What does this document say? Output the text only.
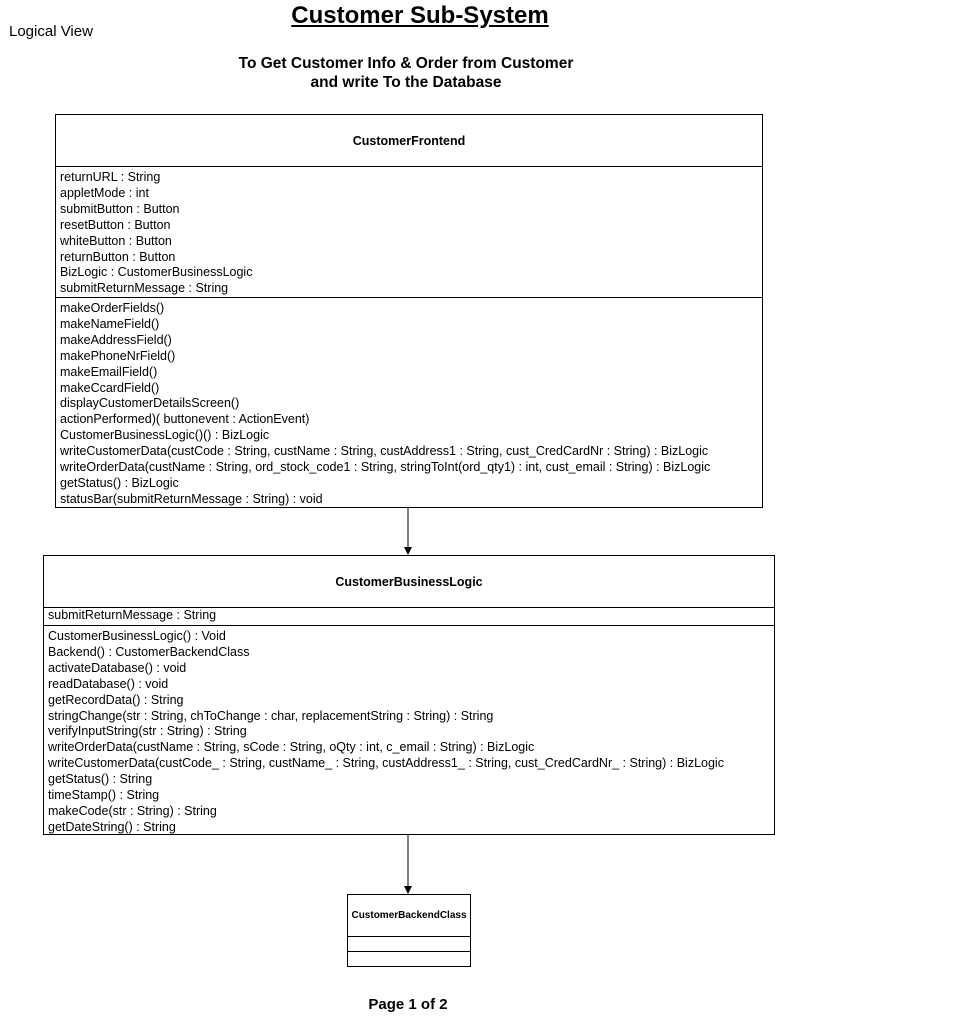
Logical View
Customer Sub-System
To Get Customer Info & Order from Customer
and write To the Database
CustomerFrontend
returnURL : String
appletMode : int
submitButton : Button
resetButton : Button
whiteButton : Button
returnButton : Button
BizLogic : CustomerBusinessLogic
submitReturnMessage : String
makeOrderFields()
makeNameField()
makeAddressField()
makePhoneNrField()
makeEmailField()
makeCcardField()
displayCustomerDetailsScreen()
actionPerformed)( buttonevent : ActionEvent)
CustomerBusinessLogic()() : BizLogic
writeCustomerData(custCode : String, custName : String, custAddress1 : String, cust_CredCardNr : String) : BizLogic
writeOrderData(custName : String, ord_stock_code1 : String, stringToInt(ord_qty1) : int, cust_email : String) : BizLogic
getStatus() : BizLogic
statusBar(submitReturnMessage : String) : void
CustomerBusinessLogic
submitReturnMessage : String
CustomerBusinessLogic() : Void
Backend() : CustomerBackendClass
activateDatabase() : void
readDatabase() : void
getRecordData() : String
stringChange(str : String, chToChange : char, replacementString : String) : String
verifyInputString(str : String) : String
writeOrderData(custName : String, sCode : String, oQty : int, c_email : String) : BizLogic
writeCustomerData(custCode_ : String, custName_ : String, custAddress1_ : String, cust_CredCardNr_ : String) : BizLogic
getStatus() : String
timeStamp() : String
makeCode(str : String) : String
getDateString() : String
CustomerBackendClass
Page 1 of 2
